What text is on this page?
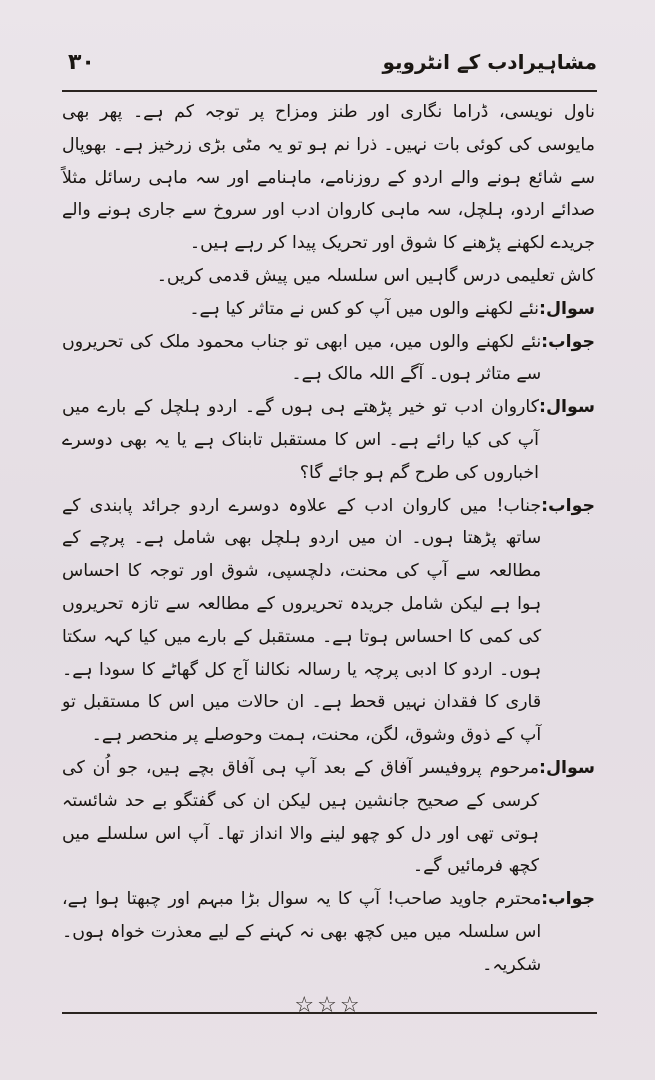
٣٠	مشاہیرادب کے انٹرویو

ناول نویسی، ڈراما نگاری اور طنز ومزاح پر توجہ کم ہے۔ پھر بھی مایوسی کی کوئی بات نہیں۔ ذرا نم ہو تو یہ مٹی بڑی زرخیز ہے۔ بھوپال سے شائع ہونے والے اردو کے روزنامے، ماہنامے اور سہ ماہی رسائل مثلاً صدائے اردو، ہلچل، سہ ماہی کاروان ادب اور سروخ سے جاری ہونے والے جریدے لکھنے پڑھنے کا شوق اور تحریک پیدا کر رہے ہیں۔

کاش تعلیمی درس گاہیں اس سلسلہ میں پیش قدمی کریں۔

سوال:

نئے لکھنے والوں میں آپ کو کس نے متاثر کیا ہے۔

جواب:

نئے لکھنے والوں میں، میں ابھی تو جناب محمود ملک کی تحریروں سے متاثر ہوں۔ آگے اللہ مالک ہے۔

سوال:

کاروان ادب تو خیر پڑھتے ہی ہوں گے۔ اردو ہلچل کے بارے میں آپ کی کیا رائے ہے۔ اس کا مستقبل تابناک ہے یا یہ بھی دوسرے اخباروں کی طرح گم ہو جائے گا؟

جواب:

جناب! میں کاروان ادب کے علاوہ دوسرے اردو جرائد پابندی کے ساتھ پڑھتا ہوں۔ ان میں اردو ہلچل بھی شامل ہے۔ پرچے کے مطالعہ سے آپ کی محنت، دلچسپی، شوق اور توجہ کا احساس ہوا ہے لیکن شامل جریدہ تحریروں کے مطالعہ سے تازہ تحریروں کی کمی کا احساس ہوتا ہے۔ مستقبل کے بارے میں کیا کہہ سکتا ہوں۔ اردو کا ادبی پرچہ یا رسالہ نکالنا آج کل گھاٹے کا سودا ہے۔ قاری کا فقدان نہیں قحط ہے۔ ان حالات میں اس کا مستقبل تو آپ کے ذوق وشوق، لگن، محنت، ہمت وحوصلے پر منحصر ہے۔

سوال:

مرحوم پروفیسر آفاق کے بعد آپ ہی آفاق بچے ہیں، جو اُن کی کرسی کے صحیح جانشین ہیں لیکن ان کی گفتگو بے حد شائستہ ہوتی تھی اور دل کو چھو لینے والا انداز تھا۔ آپ اس سلسلے میں کچھ فرمائیں گے۔

جواب:

محترم جاوید صاحب! آپ کا یہ سوال بڑا مبہم اور چبھتا ہوا ہے، اس سلسلہ میں میں کچھ بھی نہ کہنے کے لیے معذرت خواہ ہوں۔ شکریہ۔

☆☆☆
